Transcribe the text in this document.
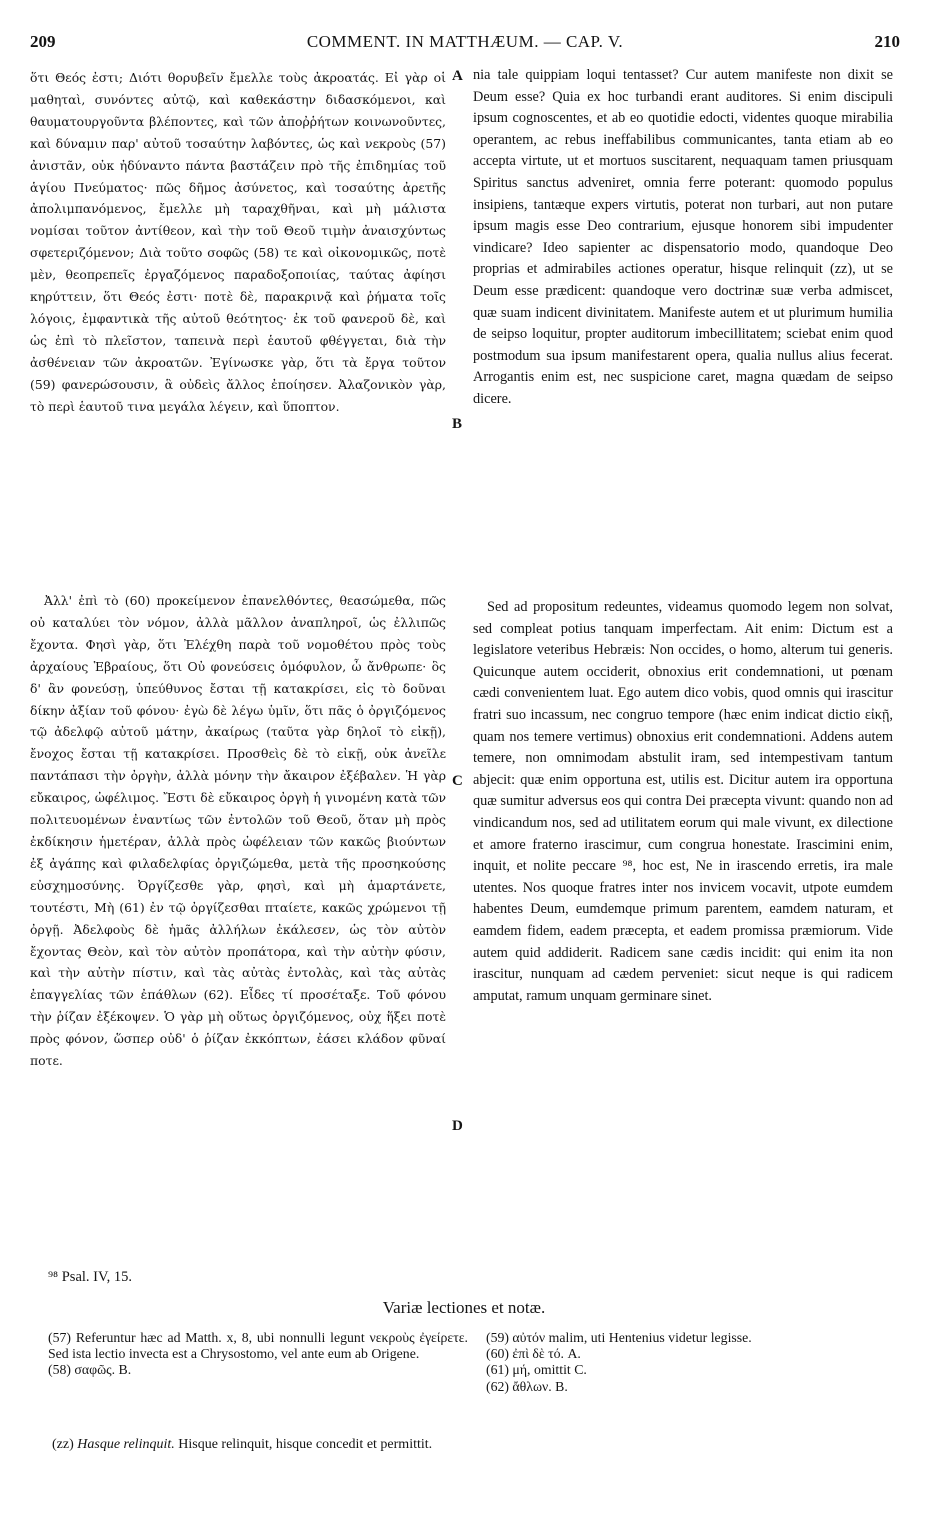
209	COMMENT. IN MATTHÆUM. — CAP. V.	210

ὅτι Θεός ἐστι; Διότι θορυβεῖν ἔμελλε τοὺς ἀκροατάς. Εἰ γὰρ οἱ μαθηταὶ, συνόντες αὐτῷ, καὶ καθεκάστην διδασκόμενοι, καὶ θαυματουργοῦντα βλέποντες, καὶ τῶν ἀποῤῥήτων κοινωνοῦντες, καὶ δύναμιν παρ' αὐτοῦ τοσαύτην λαβόντες, ὡς καὶ νεκροὺς (57) ἀνιστᾶν, οὐκ ἠδύναντο πάντα βαστάζειν πρὸ τῆς ἐπιδημίας τοῦ ἁγίου Πνεύματος· πῶς δῆμος ἀσύνετος, καὶ τοσαύτης ἀρετῆς ἀπολιμπανόμενος, ἔμελλε μὴ ταραχθῆναι, καὶ μὴ μάλιστα νομίσαι τοῦτον ἀντίθεον, καὶ τὴν τοῦ Θεοῦ τιμὴν ἀναισχύντως σφετεριζόμενον; Διὰ τοῦτο σοφῶς (58) τε καὶ οἰκονομικῶς, ποτὲ μὲν, θεοπρεπεῖς ἐργαζόμενος παραδοξοποιίας, ταύτας ἀφίησι κηρύττειν, ὅτι Θεός ἐστι· ποτὲ δὲ, παρακρινᾷ καὶ ῥήματα τοῖς λόγοις, ἐμφαντικὰ τῆς αὐτοῦ θεότητος· ἐκ τοῦ φανεροῦ δὲ, καὶ ὡς ἐπὶ τὸ πλεῖστον, ταπεινὰ περὶ ἑαυτοῦ φθέγγεται, διὰ τὴν ἀσθένειαν τῶν ἀκροατῶν. Ἐγίνωσκε γὰρ, ὅτι τὰ ἔργα τοῦτον (59) φανερώσουσιν, ἃ οὐδεὶς ἄλλος ἐποίησεν. Ἀλαζονικὸν γὰρ, τὸ περὶ ἑαυτοῦ τινα μεγάλα λέγειν, καὶ ὕποπτον.

Ἀλλ' ἐπὶ τὸ (60) προκείμενον ἐπανελθόντες, θεασώμεθα, πῶς οὐ καταλύει τὸν νόμον, ἀλλὰ μᾶλλον ἀναπληροῖ, ὡς ἐλλιπῶς ἔχοντα. Φησὶ γὰρ, ὅτι Ἐλέχθη παρὰ τοῦ νομοθέτου πρὸς τοὺς ἀρχαίους Ἑβραίους, ὅτι Οὐ φονεύσεις ὁμόφυλον, ὦ ἄνθρωπε· ὃς δ' ἂν φονεύσῃ, ὑπεύθυνος ἔσται τῇ κατακρίσει, εἰς τὸ δοῦναι δίκην ἀξίαν τοῦ φόνου· ἐγὼ δὲ λέγω ὑμῖν, ὅτι πᾶς ὁ ὀργιζόμενος τῷ ἀδελφῷ αὐτοῦ μάτην, ἀκαίρως (ταῦτα γὰρ δηλοῖ τὸ εἰκῇ), ἔνοχος ἔσται τῇ κατακρίσει. Προσθεὶς δὲ τὸ εἰκῇ, οὐκ ἀνεῖλε παντάπασι τὴν ὀργὴν, ἀλλὰ μόνην τὴν ἄκαιρον ἐξέβαλεν. Ἡ γὰρ εὔκαιρος, ὠφέλιμος. Ἔστι δὲ εὔκαιρος ὀργὴ ἡ γινομένη κατὰ τῶν πολιτευομένων ἐναντίως τῶν ἐντολῶν τοῦ Θεοῦ, ὅταν μὴ πρὸς ἐκδίκησιν ἡμετέραν, ἀλλὰ πρὸς ὠφέλειαν τῶν κακῶς βιούντων ἐξ ἀγάπης καὶ φιλαδελφίας ὀργιζώμεθα, μετὰ τῆς προσηκούσης εὐσχημοσύνης. Ὀργίζεσθε γὰρ, φησὶ, καὶ μὴ ἁμαρτάνετε, τουτέστι, Μὴ (61) ἐν τῷ ὀργίζεσθαι πταίετε, κακῶς χρώμενοι τῇ ὀργῇ. Ἀδελφοὺς δὲ ἡμᾶς ἀλλήλων ἐκάλεσεν, ὡς τὸν αὐτὸν ἔχοντας Θεὸν, καὶ τὸν αὐτὸν προπάτορα, καὶ τὴν αὐτὴν φύσιν, καὶ τὴν αὐτὴν πίστιν, καὶ τὰς αὐτὰς ἐντολὰς, καὶ τὰς αὐτὰς ἐπαγγελίας τῶν ἐπάθλων (62). Εἶδες τί προσέταξε. Τοῦ φόνου τὴν ῥίζαν ἐξέκοψεν. Ὁ γὰρ μὴ οὕτως ὀργιζόμενος, οὐχ ἥξει ποτὲ πρὸς φόνον, ὥσπερ οὐδ' ὁ ῥίζαν ἐκκόπτων, ἐάσει κλάδον φῦναί ποτε.

A
B
C
D

nia tale quippiam loqui tentasset? Cur autem manifeste non dixit se Deum esse? Quia ex hoc turbandi erant auditores. Si enim discipuli ipsum cognoscentes, et ab eo quotidie edocti, videntes quoque mirabilia operantem, ac rebus ineffabilibus communicantes, tanta etiam ab eo accepta virtute, ut et mortuos suscitarent, nequaquam tamen priusquam Spiritus sanctus adveniret, omnia ferre poterant: quomodo populus insipiens, tantæque expers virtutis, poterat non turbari, aut non putare ipsum magis esse Deo contrarium, ejusque honorem sibi impudenter vindicare? Ideo sapienter ac dispensatorio modo, quandoque Deo proprias et admirabiles actiones operatur, hisque relinquit (zz), ut se Deum esse prædicent: quandoque vero doctrinæ suæ verba admiscet, quæ suam indicent divinitatem. Manifeste autem et ut plurimum humilia de seipso loquitur, propter auditorum imbecillitatem; sciebat enim quod postmodum sua ipsum manifestarent opera, qualia nullus alius fecerat. Arrogantis enim est, nec suspicione caret, magna quædam de seipso dicere.

Sed ad propositum redeuntes, videamus quomodo legem non solvat, sed compleat potius tanquam imperfectam. Ait enim: Dictum est a legislatore veteribus Hebræis: Non occides, o homo, alterum tui generis. Quicunque autem occiderit, obnoxius erit condemnationi, ut pœnam cædi convenientem luat. Ego autem dico vobis, quod omnis qui irascitur fratri suo incassum, nec congruo tempore (hæc enim indicat dictio εἰκῇ, quam nos temere vertimus) obnoxius erit condemnationi. Addens autem temere, non omnimodam abstulit iram, sed intempestivam tantum abjecit: quæ enim opportuna est, utilis est. Dicitur autem ira opportuna quæ sumitur adversus eos qui contra Dei præcepta vivunt: quando non ad vindicandum nos, sed ad utilitatem eorum qui male vivunt, ex dilectione et amore fraterno irascimur, cum congrua honestate. Irascimini enim, inquit, et nolite peccare ⁹⁸, hoc est, Ne in irascendo erretis, ira male utentes. Nos quoque fratres inter nos invicem vocavit, utpote eumdem habentes Deum, eumdemque primum parentem, eamdem naturam, et eamdem fidem, eadem præcepta, et eadem promissa præmiorum. Vide autem quid addiderit. Radicem sane cædis incidit: qui enim ita non irascitur, nunquam ad cædem perveniet: sicut neque is qui radicem amputat, ramum unquam germinare sinet.

⁹⁸ Psal. IV, 15.
Variæ lectiones et notæ.

(57) Referuntur hæc ad Matth. x, 8, ubi nonnulli legunt νεκροὺς ἐγείρετε. Sed ista lectio invecta est a Chrysostomo, vel ante eum ab Origene.

(58) σαφῶς. B.

(59) αὐτόν malim, uti Hentenius videtur legisse.

(60) ἐπὶ δὲ τό. A.

(61) μή, omittit C.

(62) ἄθλων. B.

(zz) Hasque relinquit. Hisque relinquit, hisque concedit et permittit.
